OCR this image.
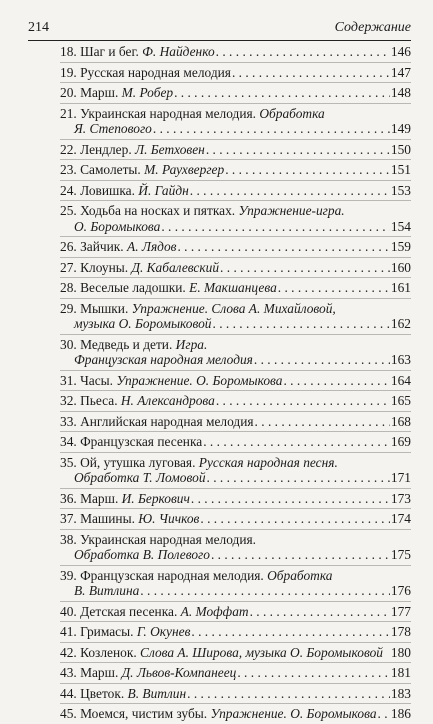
214	Содержание
18. Шаг и бег. Ф. Найденко . . .	146
19. Русская народная мелодия . . .	147
20. Марш. М. Робер . . .	148
21. Украинская народная мелодия. Обработка
Я. Степового . . .	149
22. Лендлер. Л. Бетховен . . .	150
23. Самолеты. М. Раухвергер . . .	151
24. Ловишка. Й. Гайдн . . .	153
25. Ходьба на носках и пятках. Упражнение-игра.
О. Боромыкова . . .	154
26. Зайчик. А. Лядов . . .	159
27. Клоуны. Д. Кабалевский . . .	160
28. Веселые ладошки. Е. Макшанцева . . .	161
29. Мышки. Упражнение. Слова А. Михайловой,
музыка О. Боромыковой . . .	162
30. Медведь и дети. Игра.
Французская народная мелодия . . .	163
31. Часы. Упражнение. О. Боромыкова . . .	164
32. Пьеса. Н. Александрова . . .	165
33. Английская народная мелодия . . .	168
34. Французская песенка . . .	169
35. Ой, утушка луговая. Русская народная песня.
Обработка Т. Ломовой . . .	171
36. Марш. И. Беркович . . .	173
37. Машины. Ю. Чичков . . .	174
38. Украинская народная мелодия.
Обработка В. Полевого . . .	175
39. Французская народная мелодия. Обработка
В. Витлина . . .	176
40. Детская песенка. А. Моффат . . .	177
41. Гримасы. Г. Окунев . . .	178
42. Козленок. Слова А. Широва, музыка О. Боромыковой 180
43. Марш. Д. Львов-Компанеец . . .	181
44. Цветок. В. Витлин . . .	183
45. Моемся, чистим зубы. Упражнение. О. Боромыкова . . . 186
